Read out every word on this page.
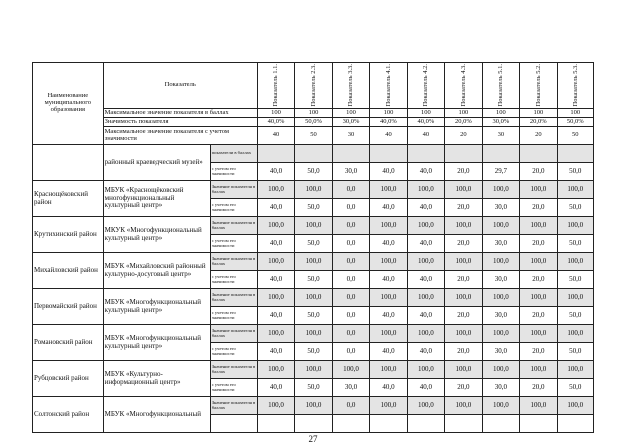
Наименование муниципального образования	Показатель		Показатель 1.1.	Показатель 2.3.	Показатель 3.3.	Показатель 4.1.	Показатель 4.2.	Показатель 4.3.	Показатель 5.1.	Показатель 5.2.	Показатель 5.3.

	Максимальное значение показателя в баллах		100	100	100	100	100	100	100	100	100
	Значимость показателя		40,0%	50,0%	30,0%	40,0%	40,0%	20,0%	30,0%	20,0%	50,0%
	Максимальное значение показателя с учетом значимости		40	50	30	40	40	20	30	20	50
	районный краеведческий музей»	показатели в баллах									
		с учетом его значимости	40,0	50,0	30,0	40,0	40,0	20,0	29,7	20,0	50,0
Краснощёковский район	МБУК «Краснощёковский многофункциональный культурный центр»	Значение показателя в баллах	100,0	100,0	0,0	100,0	100,0	100,0	100,0	100,0	100,0
		с учетом его значимости	40,0	50,0	0,0	40,0	40,0	20,0	30,0	20,0	50,0
Крутихинский район	МКУК «Многофункциональный культурный центр»	Значение показателя в баллах	100,0	100,0	0,0	100,0	100,0	100,0	100,0	100,0	100,0
		с учетом его значимости	40,0	50,0	0,0	40,0	40,0	20,0	30,0	20,0	50,0
Михайловский район	МБУК «Михайловский районный культурно-досуговый центр»	Значение показателя в баллах	100,0	100,0	0,0	100,0	100,0	100,0	100,0	100,0	100,0
		с учетом его значимости	40,0	50,0	0,0	40,0	40,0	20,0	30,0	20,0	50,0
Первомайский район	МБУК «Многофункциональный культурный центр»	Значение показателя в баллах	100,0	100,0	0,0	100,0	100,0	100,0	100,0	100,0	100,0
		с учетом его значимости	40,0	50,0	0,0	40,0	40,0	20,0	30,0	20,0	50,0
Романовский район	МБУК «Многофункциональный культурный центр»	Значение показателя в баллах	100,0	100,0	0,0	100,0	100,0	100,0	100,0	100,0	100,0
		с учетом его значимости	40,0	50,0	0,0	40,0	40,0	20,0	30,0	20,0	50,0
Рубцовский район	МБУК «Культурно-информационный центр»	Значение показателя в баллах	100,0	100,0	100,0	100,0	100,0	100,0	100,0	100,0	100,0
		с учетом его значимости	40,0	50,0	30,0	40,0	40,0	20,0	30,0	20,0	50,0
Солтонский район	МБУК «Многофункциональный	Значение показателя в баллах	100,0	100,0	0,0	100,0	100,0	100,0	100,0	100,0	100,0

27
